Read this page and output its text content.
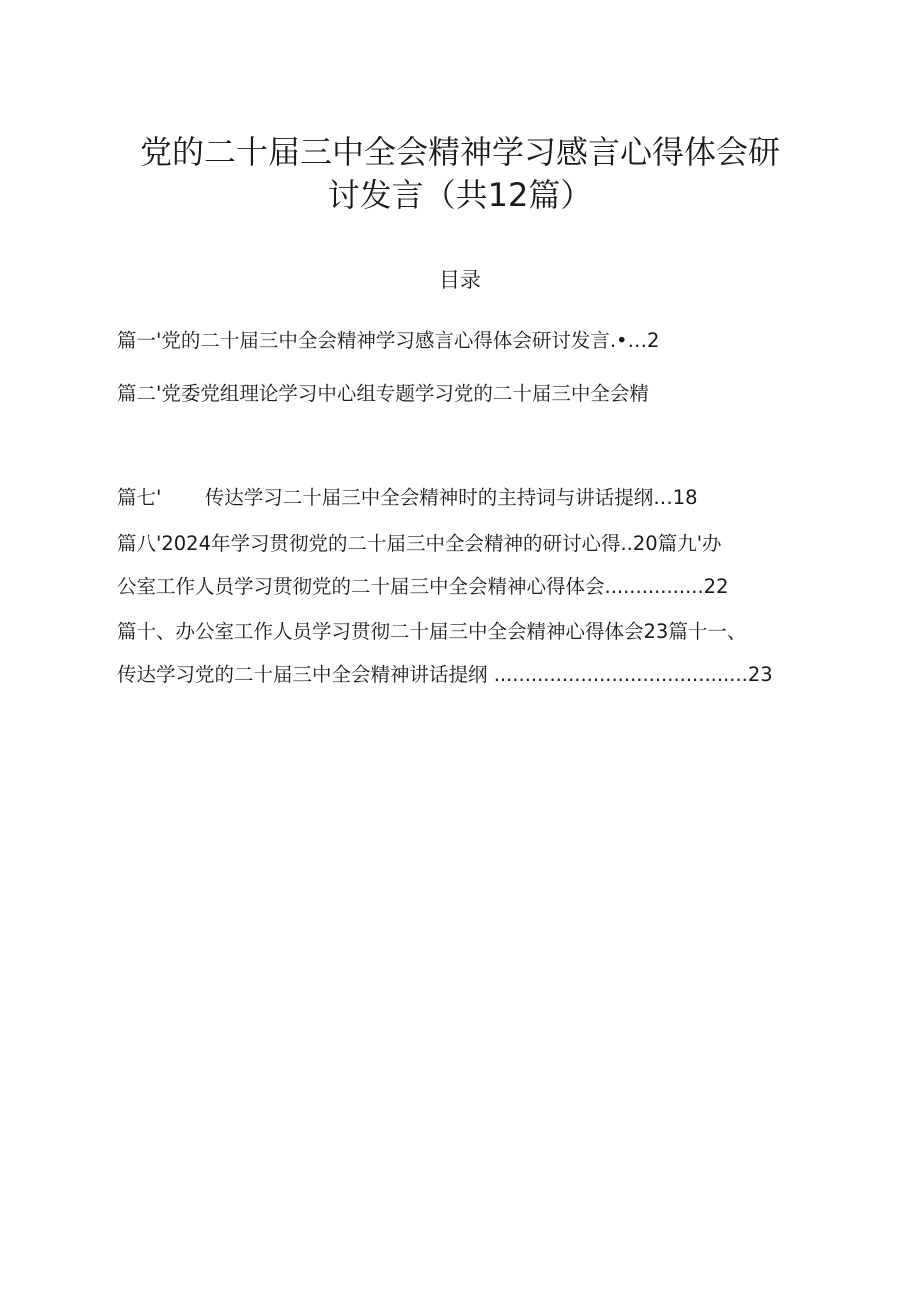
党的二十届三中全会精神学习感言心得体会研
讨发言（共12篇）
目录
篇一'党的二十届三中全会精神学习感言心得体会研讨发言.•…2
篇二'党委党组理论学习中心组专题学习党的二十届三中全会精
篇七'       传达学习二十届三中全会精神时的主持词与讲话提纲…18
篇八'2024年学习贯彻党的二十届三中全会精神的研讨心得..20篇九'办
公室工作人员学习贯彻党的二十届三中全会精神心得体会................22
篇十、办公室工作人员学习贯彻二十届三中全会精神心得体会23篇十一、
传达学习党的二十届三中全会精神讲话提纲 .........................................23
